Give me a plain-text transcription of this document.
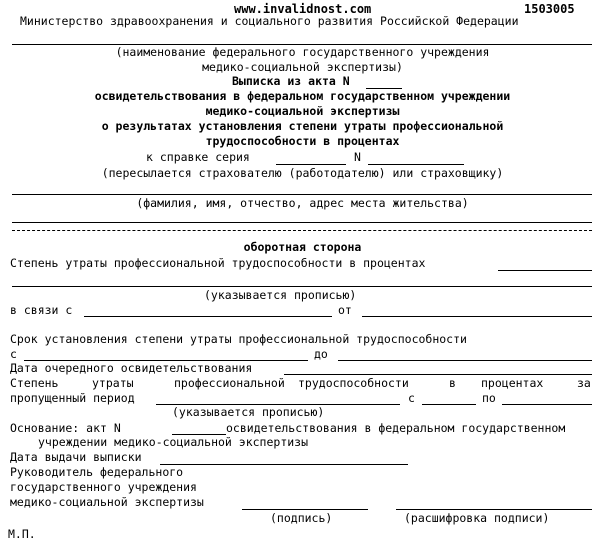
www.invalidnost.com	1503005
Министерство здравоохранения и социального развития Российской Федерации
(наименование федерального государственного учреждения
медико-социальной экспертизы)
Выписка из акта N
освидетельствования в федеральном государственном учреждении
медико-социальной экспертизы
о результатах установления степени утраты профессиональной
трудоспособности в процентах
к справке серия	N
(пересылается страхователю (работодателю) или страховщику)
(фамилия, имя, отчество, адрес места жительства)
оборотная сторона
Степень утраты профессиональной трудоспособности в процентах
(указывается прописью)
в связи с	от
Срок установления степени утраты профессиональной трудоспособности
с	до
Дата очередного освидетельствования
Степень	утраты	профессиональной трудоспособности	в процентах	за
пропущенный период	с	по
(указывается прописью)
Основание: акт N	освидетельствования в федеральном государственном
учреждении медико-социальной экспертизы
Дата выдачи выписки
Руководитель федерального
государственного учреждения
медико-социальной экспертизы
(подпись)	(расшифровка подписи)
М.П.
